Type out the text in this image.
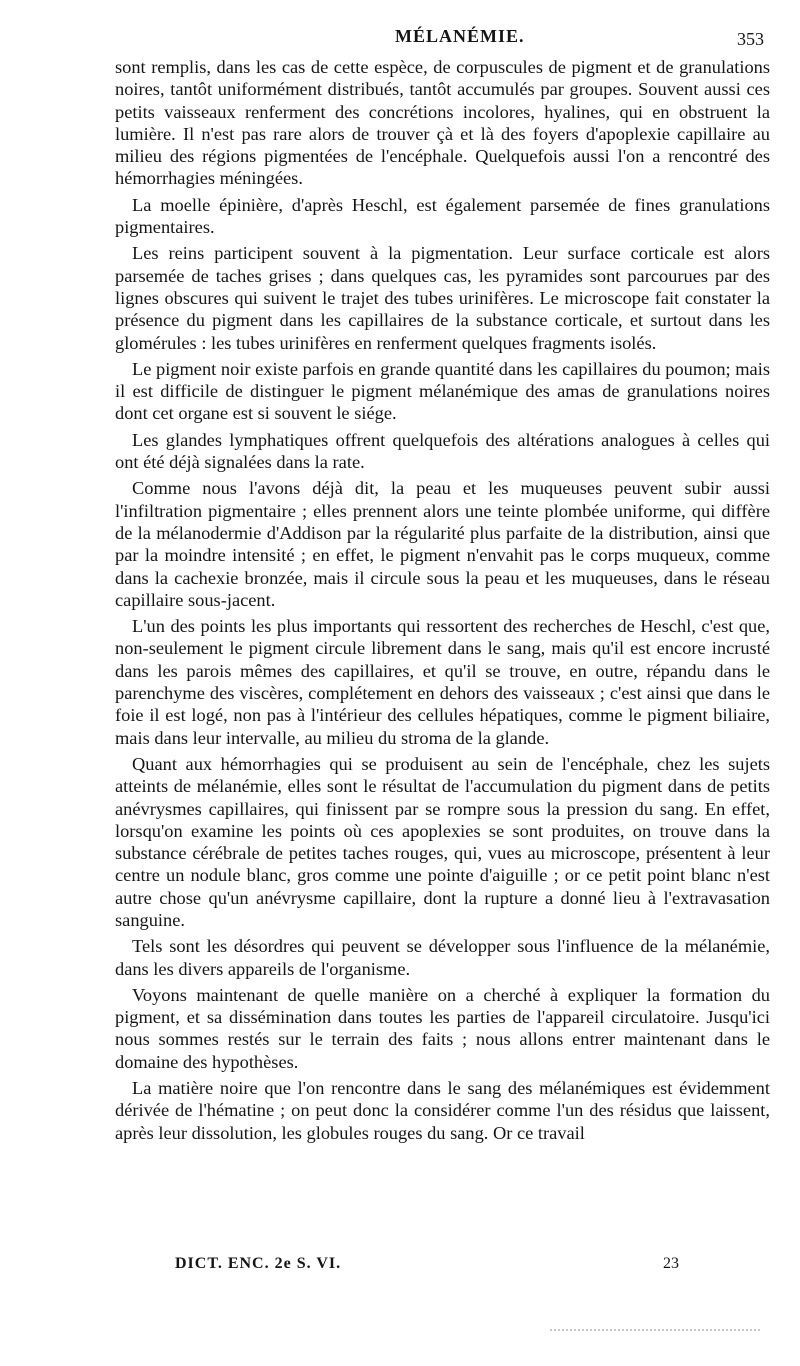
MÉLANÉMIE.	353

sont remplis, dans les cas de cette espèce, de corpuscules de pigment et de granulations noires, tantôt uniformément distribués, tantôt accumulés par groupes. Souvent aussi ces petits vaisseaux renferment des concrétions incolores, hyalines, qui en obstruent la lumière. Il n'est pas rare alors de trouver çà et là des foyers d'apoplexie capillaire au milieu des régions pigmentées de l'encéphale. Quelquefois aussi l'on a rencontré des hémorrhagies méningées.

La moelle épinière, d'après Heschl, est également parsemée de fines granulations pigmentaires.

Les reins participent souvent à la pigmentation. Leur surface corticale est alors parsemée de taches grises ; dans quelques cas, les pyramides sont parcourues par des lignes obscures qui suivent le trajet des tubes urinifères. Le microscope fait constater la présence du pigment dans les capillaires de la substance corticale, et surtout dans les glomérules : les tubes urinifères en renferment quelques fragments isolés.

Le pigment noir existe parfois en grande quantité dans les capillaires du poumon; mais il est difficile de distinguer le pigment mélanémique des amas de granulations noires dont cet organe est si souvent le siége.

Les glandes lymphatiques offrent quelquefois des altérations analogues à celles qui ont été déjà signalées dans la rate.

Comme nous l'avons déjà dit, la peau et les muqueuses peuvent subir aussi l'infiltration pigmentaire ; elles prennent alors une teinte plombée uniforme, qui diffère de la mélanodermie d'Addison par la régularité plus parfaite de la distribution, ainsi que par la moindre intensité ; en effet, le pigment n'envahit pas le corps muqueux, comme dans la cachexie bronzée, mais il circule sous la peau et les muqueuses, dans le réseau capillaire sous-jacent.

L'un des points les plus importants qui ressortent des recherches de Heschl, c'est que, non-seulement le pigment circule librement dans le sang, mais qu'il est encore incrusté dans les parois mêmes des capillaires, et qu'il se trouve, en outre, répandu dans le parenchyme des viscères, complétement en dehors des vaisseaux ; c'est ainsi que dans le foie il est logé, non pas à l'intérieur des cellules hépatiques, comme le pigment biliaire, mais dans leur intervalle, au milieu du stroma de la glande.

Quant aux hémorrhagies qui se produisent au sein de l'encéphale, chez les sujets atteints de mélanémie, elles sont le résultat de l'accumulation du pigment dans de petits anévrysmes capillaires, qui finissent par se rompre sous la pression du sang. En effet, lorsqu'on examine les points où ces apoplexies se sont produites, on trouve dans la substance cérébrale de petites taches rouges, qui, vues au microscope, présentent à leur centre un nodule blanc, gros comme une pointe d'aiguille ; or ce petit point blanc n'est autre chose qu'un anévrysme capillaire, dont la rupture a donné lieu à l'extravasation sanguine.

Tels sont les désordres qui peuvent se développer sous l'influence de la mélanémie, dans les divers appareils de l'organisme.

Voyons maintenant de quelle manière on a cherché à expliquer la formation du pigment, et sa dissémination dans toutes les parties de l'appareil circulatoire. Jusqu'ici nous sommes restés sur le terrain des faits ; nous allons entrer maintenant dans le domaine des hypothèses.

La matière noire que l'on rencontre dans le sang des mélanémiques est évidemment dérivée de l'hématine ; on peut donc la considérer comme l'un des résidus que laissent, après leur dissolution, les globules rouges du sang. Or ce travail

DICT. ENC. 2e S. VI.	23
